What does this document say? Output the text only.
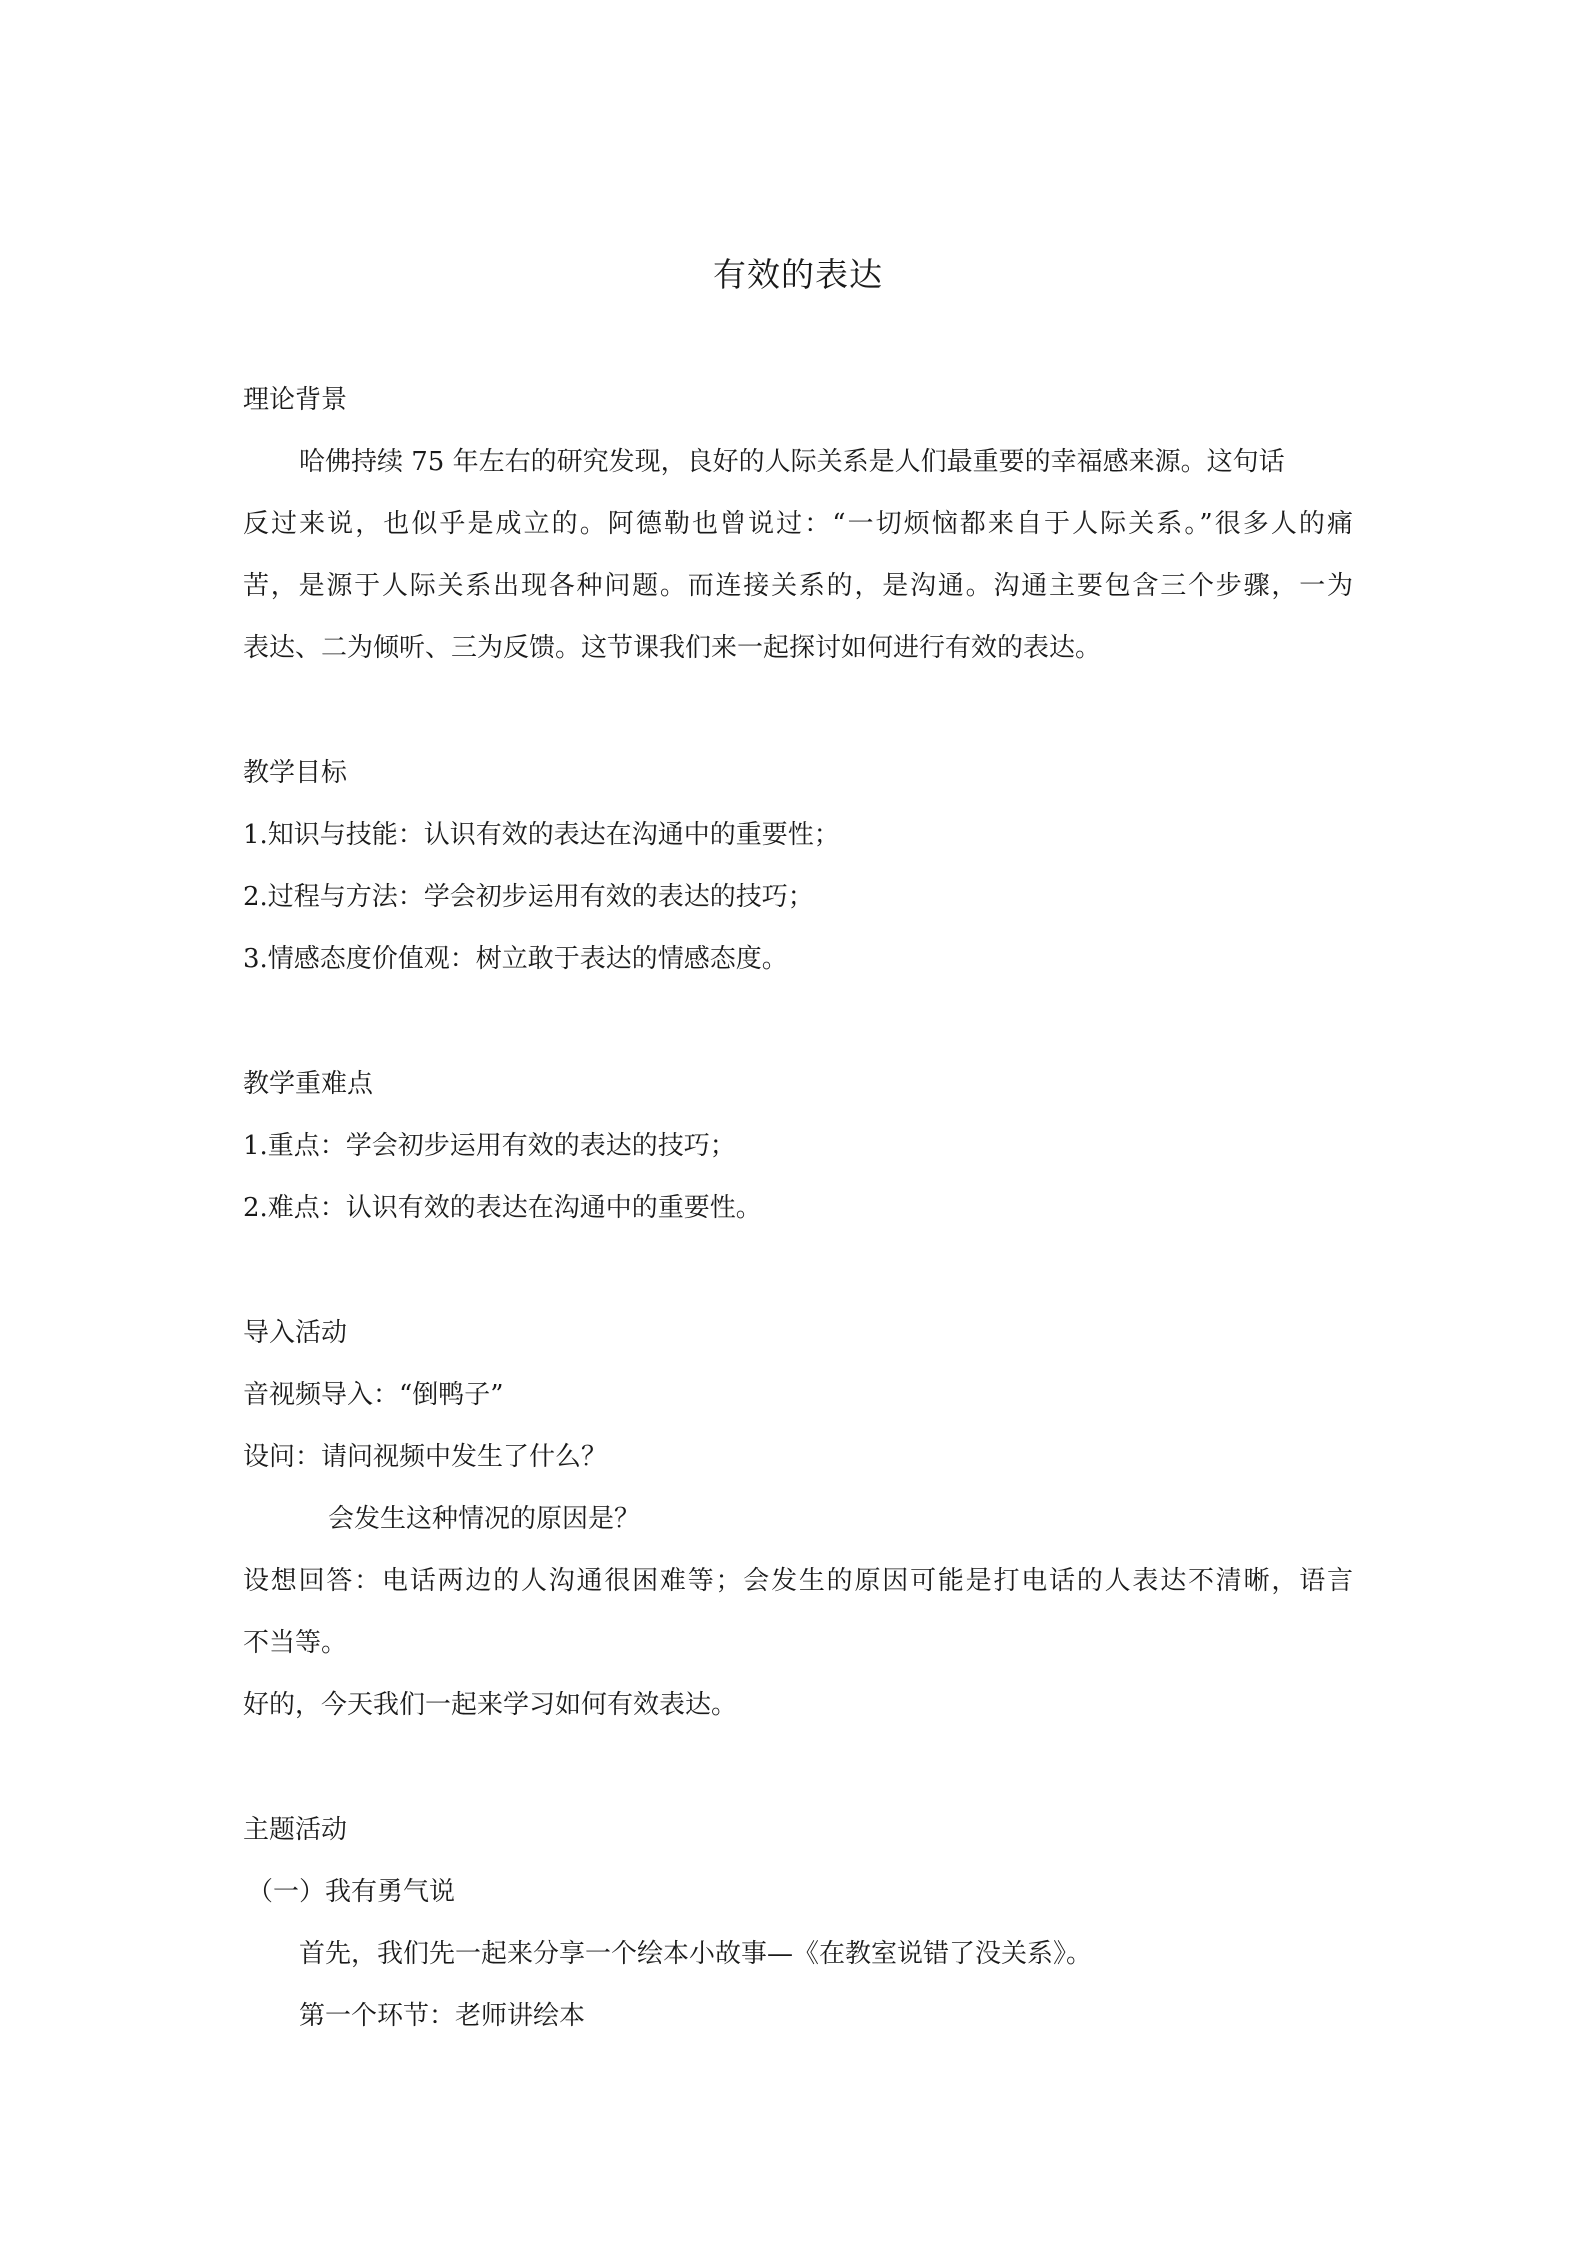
有效的表达
理论背景
哈佛持续 75 年左右的研究发现，良好的人际关系是人们最重要的幸福感来源。这句话
反过来说，也似乎是成立的。阿德勒也曾说过：“一切烦恼都来自于人际关系。”很多人的痛
苦，是源于人际关系出现各种问题。而连接关系的，是沟通。沟通主要包含三个步骤，一为
表达、二为倾听、三为反馈。这节课我们来一起探讨如何进行有效的表达。
教学目标
1.知识与技能：认识有效的表达在沟通中的重要性；
2.过程与方法：学会初步运用有效的表达的技巧；
3.情感态度价值观：树立敢于表达的情感态度。
教学重难点
1.重点：学会初步运用有效的表达的技巧；
2.难点：认识有效的表达在沟通中的重要性。
导入活动
音视频导入：“倒鸭子”
设问：请问视频中发生了什么？
会发生这种情况的原因是？
设想回答：电话两边的人沟通很困难等；会发生的原因可能是打电话的人表达不清晰，语言
不当等。
好的，今天我们一起来学习如何有效表达。
主题活动
（一）我有勇气说
首先，我们先一起来分享一个绘本小故事—《在教室说错了没关系》。
第一个环节：老师讲绘本
